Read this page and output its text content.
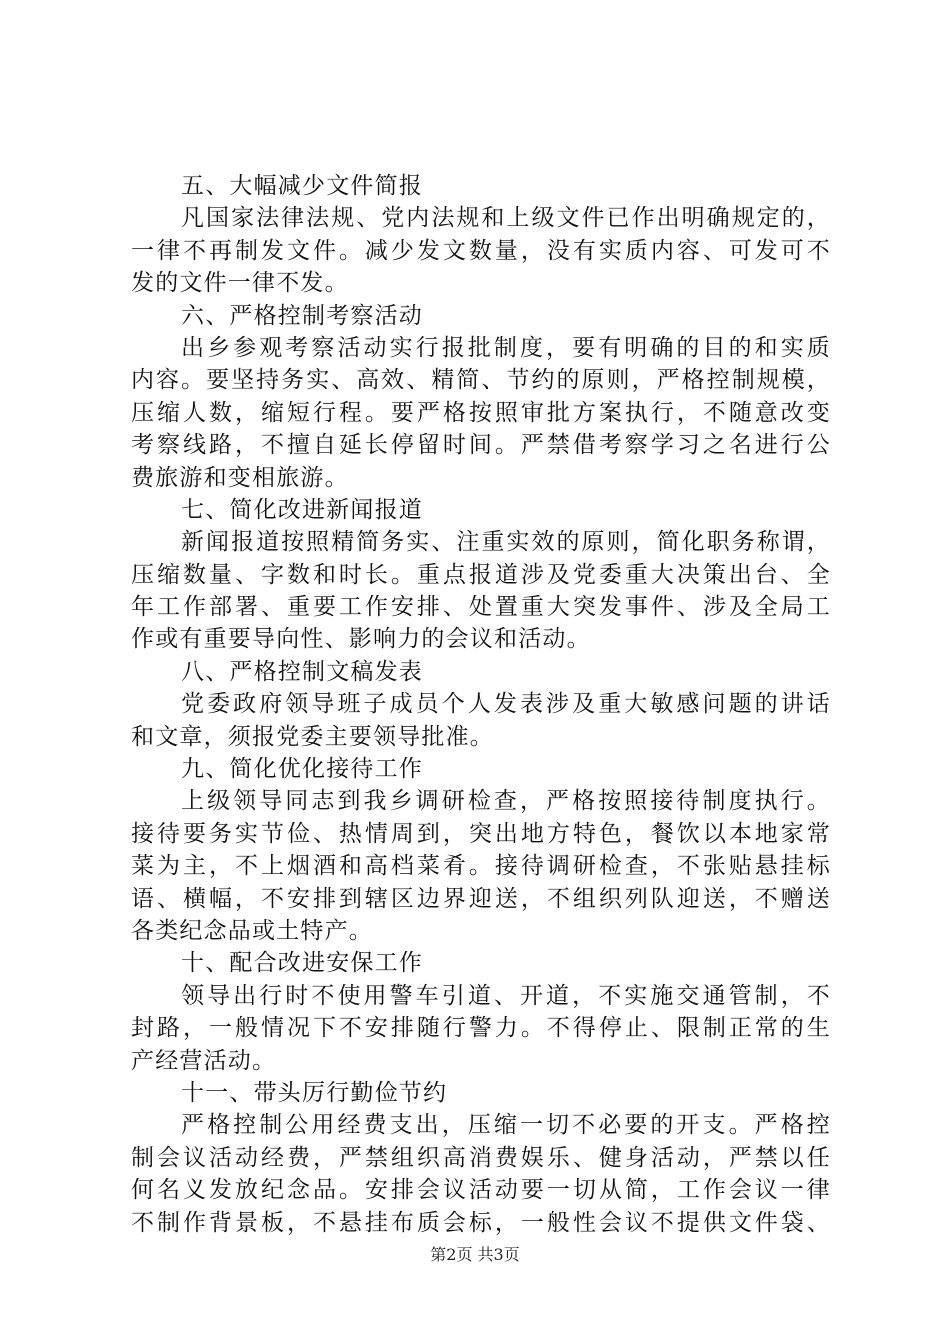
五、大幅减少文件简报
凡国家法律法规、党内法规和上级文件已作出明确规定的，
一律不再制发文件。减少发文数量，没有实质内容、可发可不
发的文件一律不发。
六、严格控制考察活动
出乡参观考察活动实行报批制度，要有明确的目的和实质
内容。要坚持务实、高效、精简、节约的原则，严格控制规模，
压缩人数，缩短行程。要严格按照审批方案执行，不随意改变
考察线路，不擅自延长停留时间。严禁借考察学习之名进行公
费旅游和变相旅游。
七、简化改进新闻报道
新闻报道按照精简务实、注重实效的原则，简化职务称谓，
压缩数量、字数和时长。重点报道涉及党委重大决策出台、全
年工作部署、重要工作安排、处置重大突发事件、涉及全局工
作或有重要导向性、影响力的会议和活动。
八、严格控制文稿发表
党委政府领导班子成员个人发表涉及重大敏感问题的讲话
和文章，须报党委主要领导批准。
九、简化优化接待工作
上级领导同志到我乡调研检查，严格按照接待制度执行。
接待要务实节俭、热情周到，突出地方特色，餐饮以本地家常
菜为主，不上烟酒和高档菜肴。接待调研检查，不张贴悬挂标
语、横幅，不安排到辖区边界迎送，不组织列队迎送，不赠送
各类纪念品或土特产。
十、配合改进安保工作
领导出行时不使用警车引道、开道，不实施交通管制，不
封路，一般情况下不安排随行警力。不得停止、限制正常的生
产经营活动。
十一、带头厉行勤俭节约
严格控制公用经费支出，压缩一切不必要的开支。严格控
制会议活动经费，严禁组织高消费娱乐、健身活动，严禁以任
何名义发放纪念品。安排会议活动要一切从简，工作会议一律
不制作背景板，不悬挂布质会标，一般性会议不提供文件袋、
第2页 共3页
